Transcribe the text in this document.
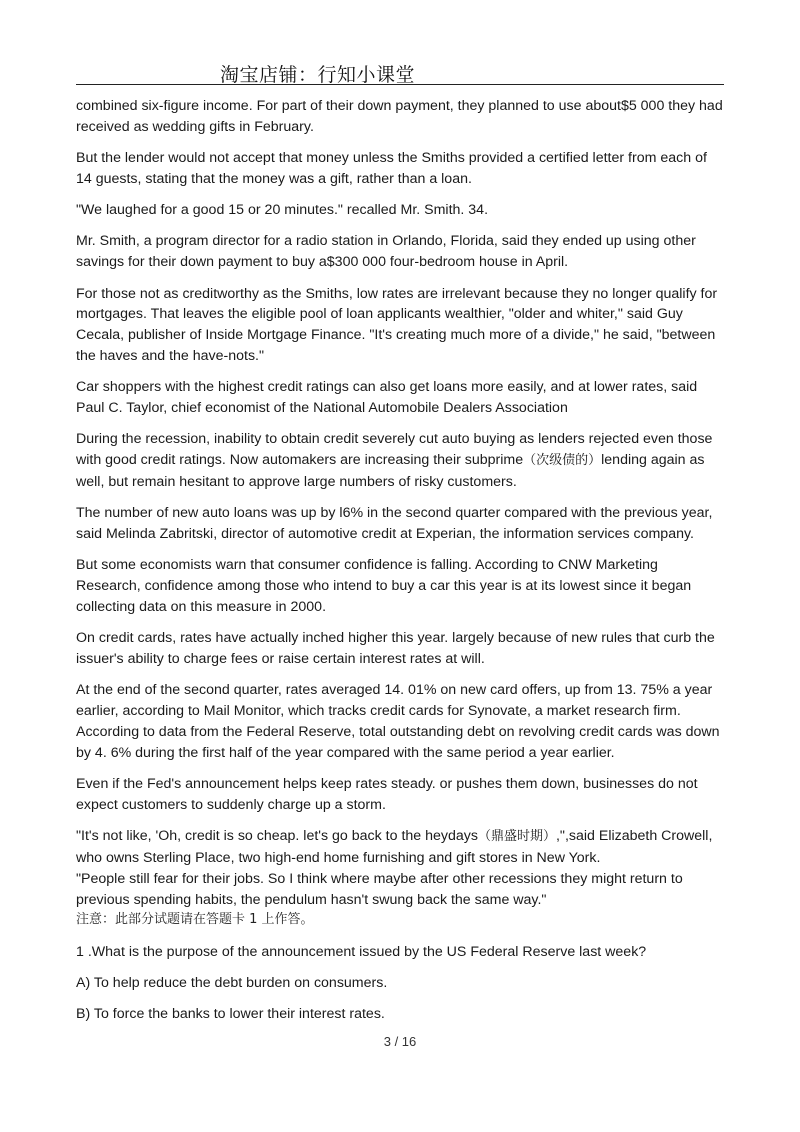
淘宝店铺：行知小课堂

combined six-figure income. For part of their down payment, they planned to use about$5 000 they had received as wedding gifts in February.

But the lender would not accept that money unless the Smiths provided a certified letter from each of 14 guests, stating that the money was a gift, rather than a loan.

"We laughed for a good 15 or 20 minutes." recalled Mr. Smith. 34.

Mr. Smith, a program director for a radio station in Orlando, Florida, said they ended up using other savings for their down payment to buy a$300 000 four-bedroom house in April.

For those not as creditworthy as the Smiths, low rates are irrelevant because they no longer qualify for mortgages. That leaves the eligible pool of loan applicants wealthier, "older and whiter," said Guy Cecala, publisher of Inside Mortgage Finance. "It's creating much more of a divide," he said, "between the haves and the have-nots."

Car shoppers with the highest credit ratings can also get loans more easily, and at lower rates, said Paul C. Taylor, chief economist of the National Automobile Dealers Association

During the recession, inability to obtain credit severely cut auto buying as lenders rejected even those with good credit ratings. Now automakers are increasing their subprime（次级债的）lending again as well, but remain hesitant to approve large numbers of risky customers.

The number of new auto loans was up by l6% in the second quarter compared with the previous year, said Melinda Zabritski, director of automotive credit at Experian, the information services company.

But some economists warn that consumer confidence is falling. According to CNW Marketing Research, confidence among those who intend to buy a car this year is at its lowest since it began collecting data on this measure in 2000.

On credit cards, rates have actually inched higher this year. largely because of new rules that curb the issuer's ability to charge fees or raise certain interest rates at will.

At the end of the second quarter, rates averaged 14. 01% on new card offers, up from 13. 75% a year earlier, according to Mail Monitor, which tracks credit cards for Synovate, a market research firm. According to data from the Federal Reserve, total outstanding debt on revolving credit cards was down by 4. 6% during the first half of the year compared with the same period a year earlier.

Even if the Fed's announcement helps keep rates steady. or pushes them down, businesses do not expect customers to suddenly charge up a storm.

"It's not like, 'Oh, credit is so cheap. let's go back to the heydays（鼎盛时期）,",said Elizabeth Crowell, who owns Sterling Place, two high-end home furnishing and gift stores in New York.

"People still fear for their jobs. So I think where maybe after other recessions they might return to previous spending habits, the pendulum hasn't swung back the same way."

注意：此部分试题请在答题卡 1 上作答。

1 .What is the purpose of the announcement issued by the US Federal Reserve last week?

A) To help reduce the debt burden on consumers.

B) To force the banks to lower their interest rates.

3 / 16
